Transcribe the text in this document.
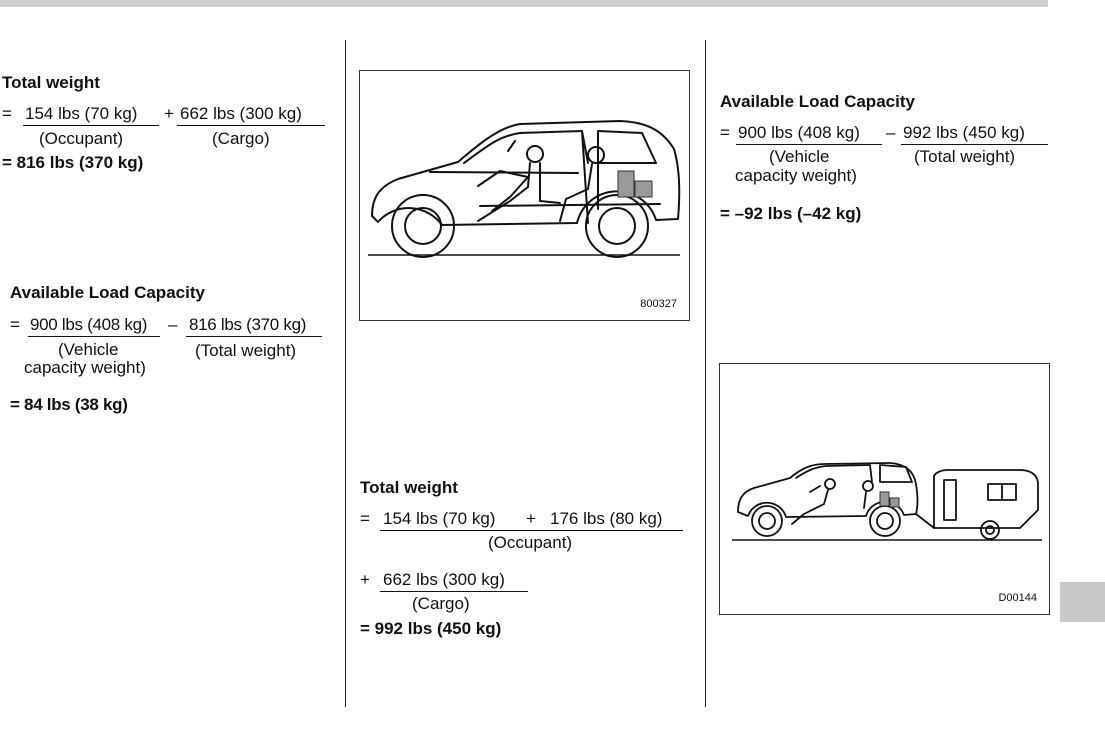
Total weight
= 154 lbs (70 kg) + 662 lbs (300 kg)
(Occupant)	(Cargo)
= 816 lbs (370 kg)
Available Load Capacity
= 900 lbs (408 kg) – 816 lbs (370 kg)
(Vehicle
capacity weight)
(Total weight)
= 84 lbs (38 kg)
800327
Total weight
= 154 lbs (70 kg) + 176 lbs (80 kg)
(Occupant)
+ 662 lbs (300 kg)
(Cargo)
= 992 lbs (450 kg)
Available Load Capacity
= 900 lbs (408 kg) – 992 lbs (450 kg)
(Vehicle
capacity weight)
(Total weight)
= –92 lbs (–42 kg)
D00144
